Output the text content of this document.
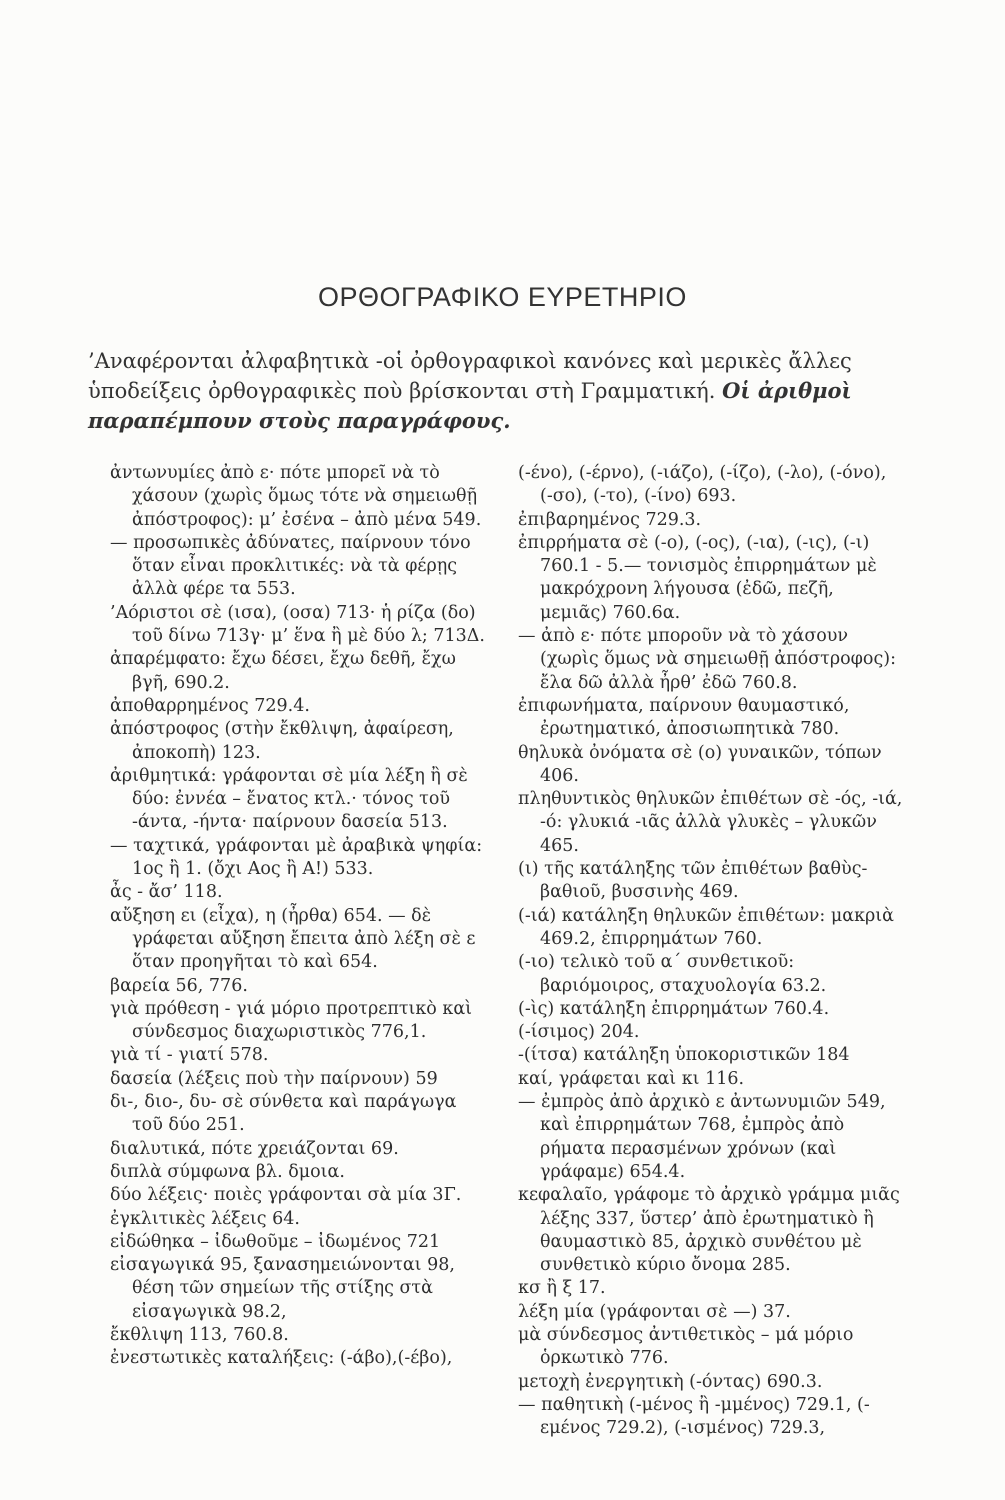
ΟΡΘΟΓΡΑΦΙΚΟ ΕΥΡΕΤΗΡΙΟ
’Αναφέρονται ἀλφαβητικὰ -οἱ ὀρθογραφικοὶ κανόνες καὶ μερικὲς ἄλλες ὑποδείξεις ὀρθογραφικὲς ποὺ βρίσκονται στὴ Γραμματική. Οἱ ἀριθμοὶ παραπέμπουν στοὺς παραγράφους.
ἀντωνυμίες ἀπὸ ε· πότε μπορεῖ νὰ τὸ χάσουν (χωρὶς ὅμως τότε νὰ σημειωθῇ ἀπόστροφος): μ’ ἐσένα – ἀπὸ μένα 549.
— προσωπικὲς ἀδύνατες, παίρνουν τόνο ὅταν εἶναι προκλιτικές: νὰ τὰ φέρῃς ἀλλὰ φέρε τα 553.
’Αόριστοι σὲ (ισα), (οσα) 713· ἡ ρίζα (δο) τοῦ δίνω 713γ· μ’ ἕνα ἢ μὲ δύο λ; 713Δ.
ἀπαρέμφατο: ἔχω δέσει, ἔχω δεθῆ, ἔχω βγῆ, 690.2.
ἀποθαρρημένος 729.4.
ἀπόστροφος (στὴν ἔκθλιψη, ἀφαίρεση, ἀποκοπὴ) 123.
ἀριθμητικά: γράφονται σὲ μία λέξη ἢ σὲ δύο: ἐννέα – ἔνατος κτλ.· τόνος τοῦ -άντα, -ήντα· παίρνουν δασεία 513.
— ταχτικά, γράφονται μὲ ἀραβικὰ ψηφία: 1ος ἢ 1. (ὄχι Αος ἢ Α!) 533.
ἆς - ἄσ’ 118.
αὔξηση ει (εἶχα), η (ἦρθα) 654. — δὲ γράφεται αὔξηση ἔπειτα ἀπὸ λέξη σὲ ε ὅταν προηγῆται τὸ καὶ 654.
βαρεία 56, 776.
γιὰ πρόθεση - γιά μόριο προτρεπτικὸ καὶ σύνδεσμος διαχωριστικὸς 776,1.
γιὰ τί - γιατί 578.
δασεία (λέξεις ποὺ τὴν παίρνουν) 59
δι-, διο-, δυ- σὲ σύνθετα καὶ παράγωγα τοῦ δύο 251.
διαλυτικά, πότε χρειάζονται 69.
διπλὰ σύμφωνα βλ. δμοια.
δύο λέξεις· ποιὲς γράφονται σὰ μία 3Γ.
ἐγκλιτικὲς λέξεις 64.
εἰδώθηκα – ἰδωθοῦμε – ἰδωμένος 721
εἰσαγωγικά 95, ξανασημειώνονται 98, θέση τῶν σημείων τῆς στίξης στὰ εἰσαγωγικὰ 98.2,
ἔκθλιψη 113, 760.8.
ἐνεστωτικὲς καταλήξεις: (-άβο),(-έβο),
(-ένο), (-έρνο), (-ιάζο), (-ίζο), (-λο), (-όνο), (-σο), (-το), (-ίνο) 693.
ἐπιβαρημένος 729.3.
ἐπιρρήματα σὲ (-ο), (-ος), (-ια), (-ις), (-ι) 760.1 - 5.— τονισμὸς ἐπιρρημάτων μὲ μακρόχρονη λήγουσα (ἐδῶ, πεζῆ, μεμιᾶς) 760.6α.
— ἀπὸ ε· πότε μποροῦν νὰ τὸ χάσουν (χωρὶς ὅμως νὰ σημειωθῇ ἀπόστροφος): ἔλα δῶ ἀλλὰ ἦρθ’ ἐδῶ 760.8.
ἐπιφωνήματα, παίρνουν θαυμαστικό, ἐρωτηματικό, ἀποσιωπητικὰ 780.
θηλυκὰ ὀνόματα σὲ (ο) γυναικῶν, τόπων 406.
πληθυντικὸς θηλυκῶν ἐπιθέτων σὲ -ός, -ιά, -ό: γλυκιά -ιᾶς ἀλλὰ γλυκὲς – γλυκῶν 465.
(ι) τῆς κατάληξης τῶν ἐπιθέτων βαθὺς- βαθιοῦ, βυσσινὴς 469.
(-ιά) κατάληξη θηλυκῶν ἐπιθέτων: μακριὰ 469.2, ἐπιρρημάτων 760.
(-ιο) τελικὸ τοῦ α΄ συνθετικοῦ: βαριόμοιρος, σταχυολογία 63.2.
(-ὶς) κατάληξη ἐπιρρημάτων 760.4.
(-ίσιμος) 204.
-(ίτσα) κατάληξη ὑποκοριστικῶν 184
καί, γράφεται καὶ κι 116.
— ἐμπρὸς ἀπὸ ἀρχικὸ ε ἀντωνυμιῶν 549, καὶ ἐπιρρημάτων 768, ἐμπρὸς ἀπὸ ρήματα περασμένων χρόνων (καὶ γράφαμε) 654.4.
κεφαλαῖο, γράφομε τὸ ἀρχικὸ γράμμα μιᾶς λέξης 337, ὕστερ’ ἀπὸ ἐρωτηματικὸ ἢ θαυμαστικὸ 85, ἀρχικὸ συνθέτου μὲ συνθετικὸ κύριο ὄνομα 285.
κσ ἢ ξ 17.
λέξη μία (γράφονται σὲ —) 37.
μὰ σύνδεσμος ἀντιθετικὸς – μά μόριο ὁρκωτικὸ 776.
μετοχὴ ἐνεργητικὴ (-όντας) 690.3.
— παθητικὴ (-μένος ἢ -μμένος) 729.1, (-εμένος 729.2), (-ισμένος) 729.3,
